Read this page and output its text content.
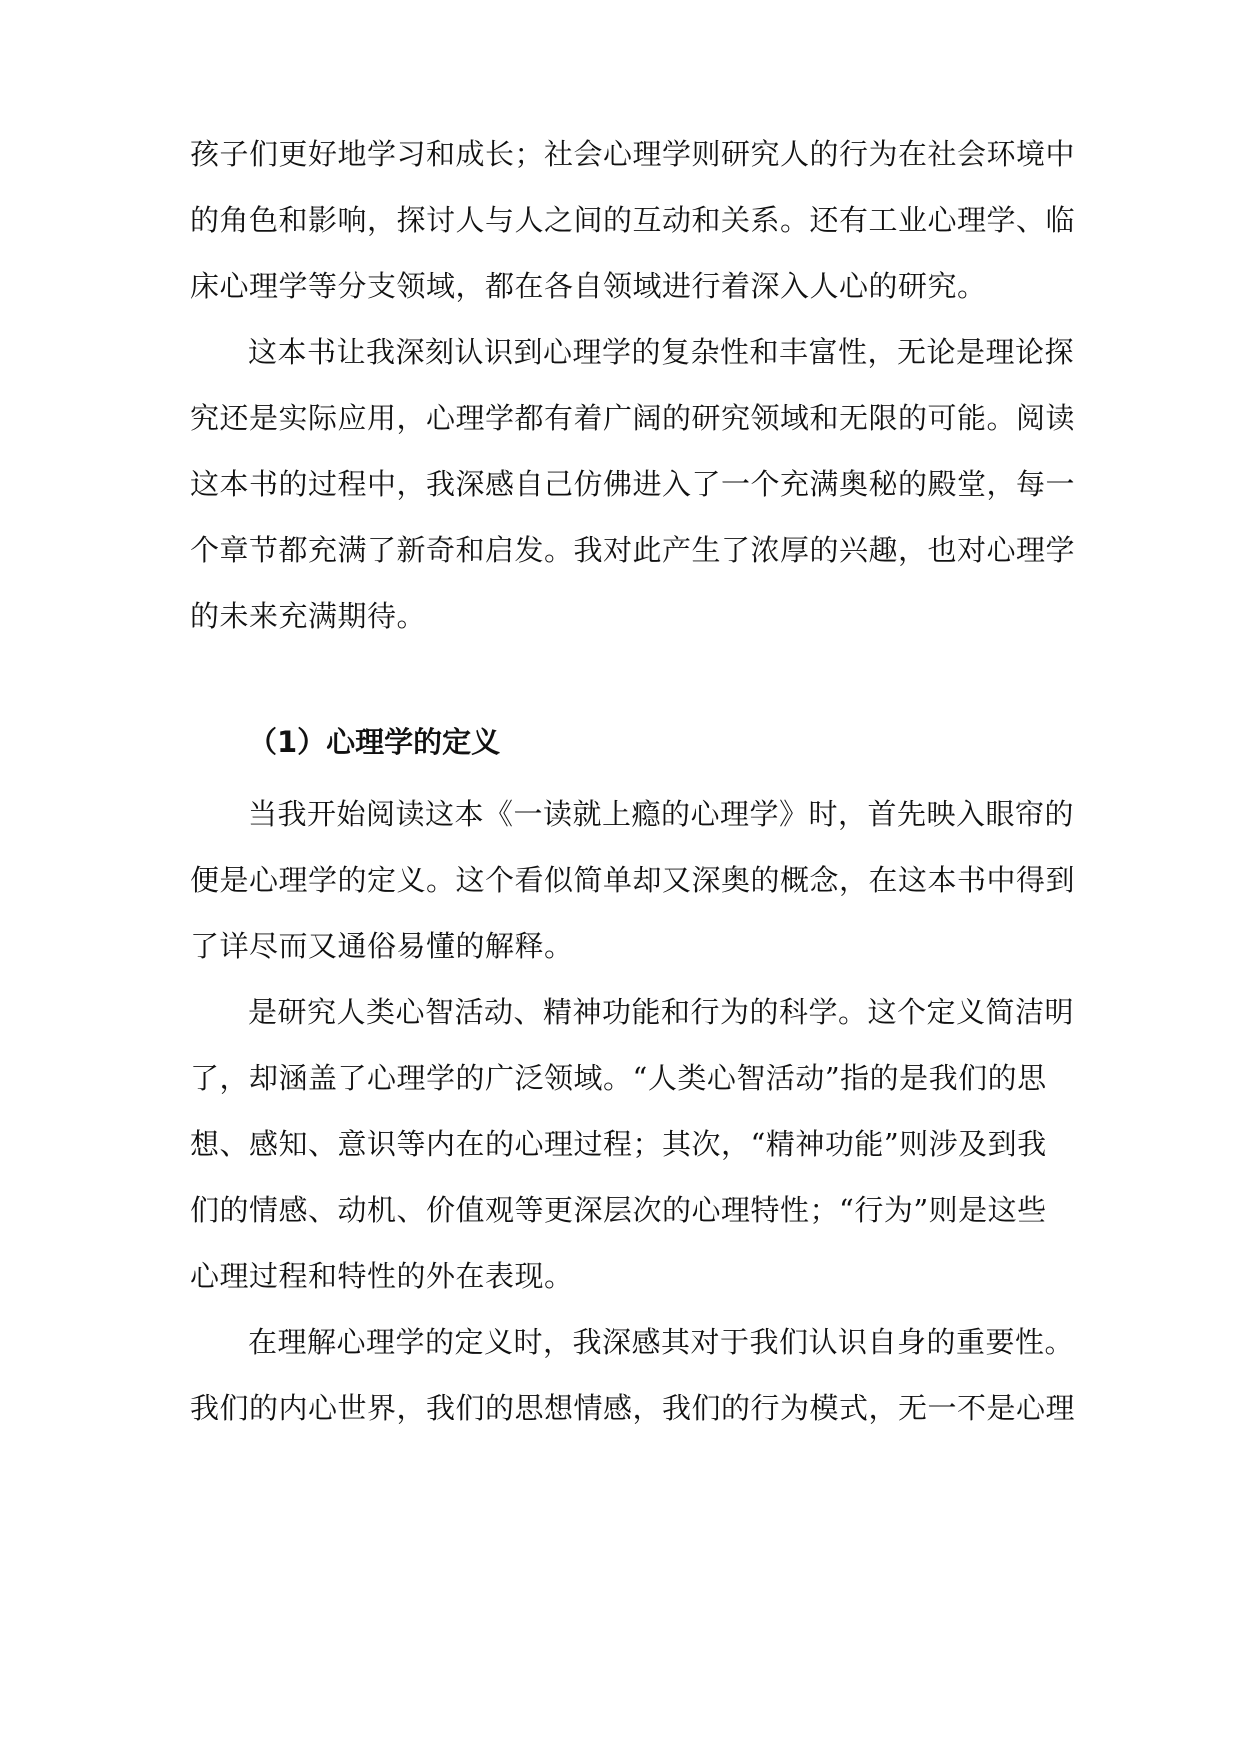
孩子们更好地学习和成长；社会心理学则研究人的行为在社会环境中
的角色和影响，探讨人与人之间的互动和关系。还有工业心理学、临
床心理学等分支领域，都在各自领域进行着深入人心的研究。
这本书让我深刻认识到心理学的复杂性和丰富性，无论是理论探
究还是实际应用，心理学都有着广阔的研究领域和无限的可能。阅读
这本书的过程中，我深感自己仿佛进入了一个充满奥秘的殿堂，每一
个章节都充满了新奇和启发。我对此产生了浓厚的兴趣，也对心理学
的未来充满期待。
（1）心理学的定义
当我开始阅读这本《一读就上瘾的心理学》时，首先映入眼帘的
便是心理学的定义。这个看似简单却又深奥的概念，在这本书中得到
了详尽而又通俗易懂的解释。
是研究人类心智活动、精神功能和行为的科学。这个定义简洁明
了，却涵盖了心理学的广泛领域。“人类心智活动”指的是我们的思
想、感知、意识等内在的心理过程；其次，“精神功能”则涉及到我
们的情感、动机、价值观等更深层次的心理特性；“行为”则是这些
心理过程和特性的外在表现。
在理解心理学的定义时，我深感其对于我们认识自身的重要性。
我们的内心世界，我们的思想情感，我们的行为模式，无一不是心理
